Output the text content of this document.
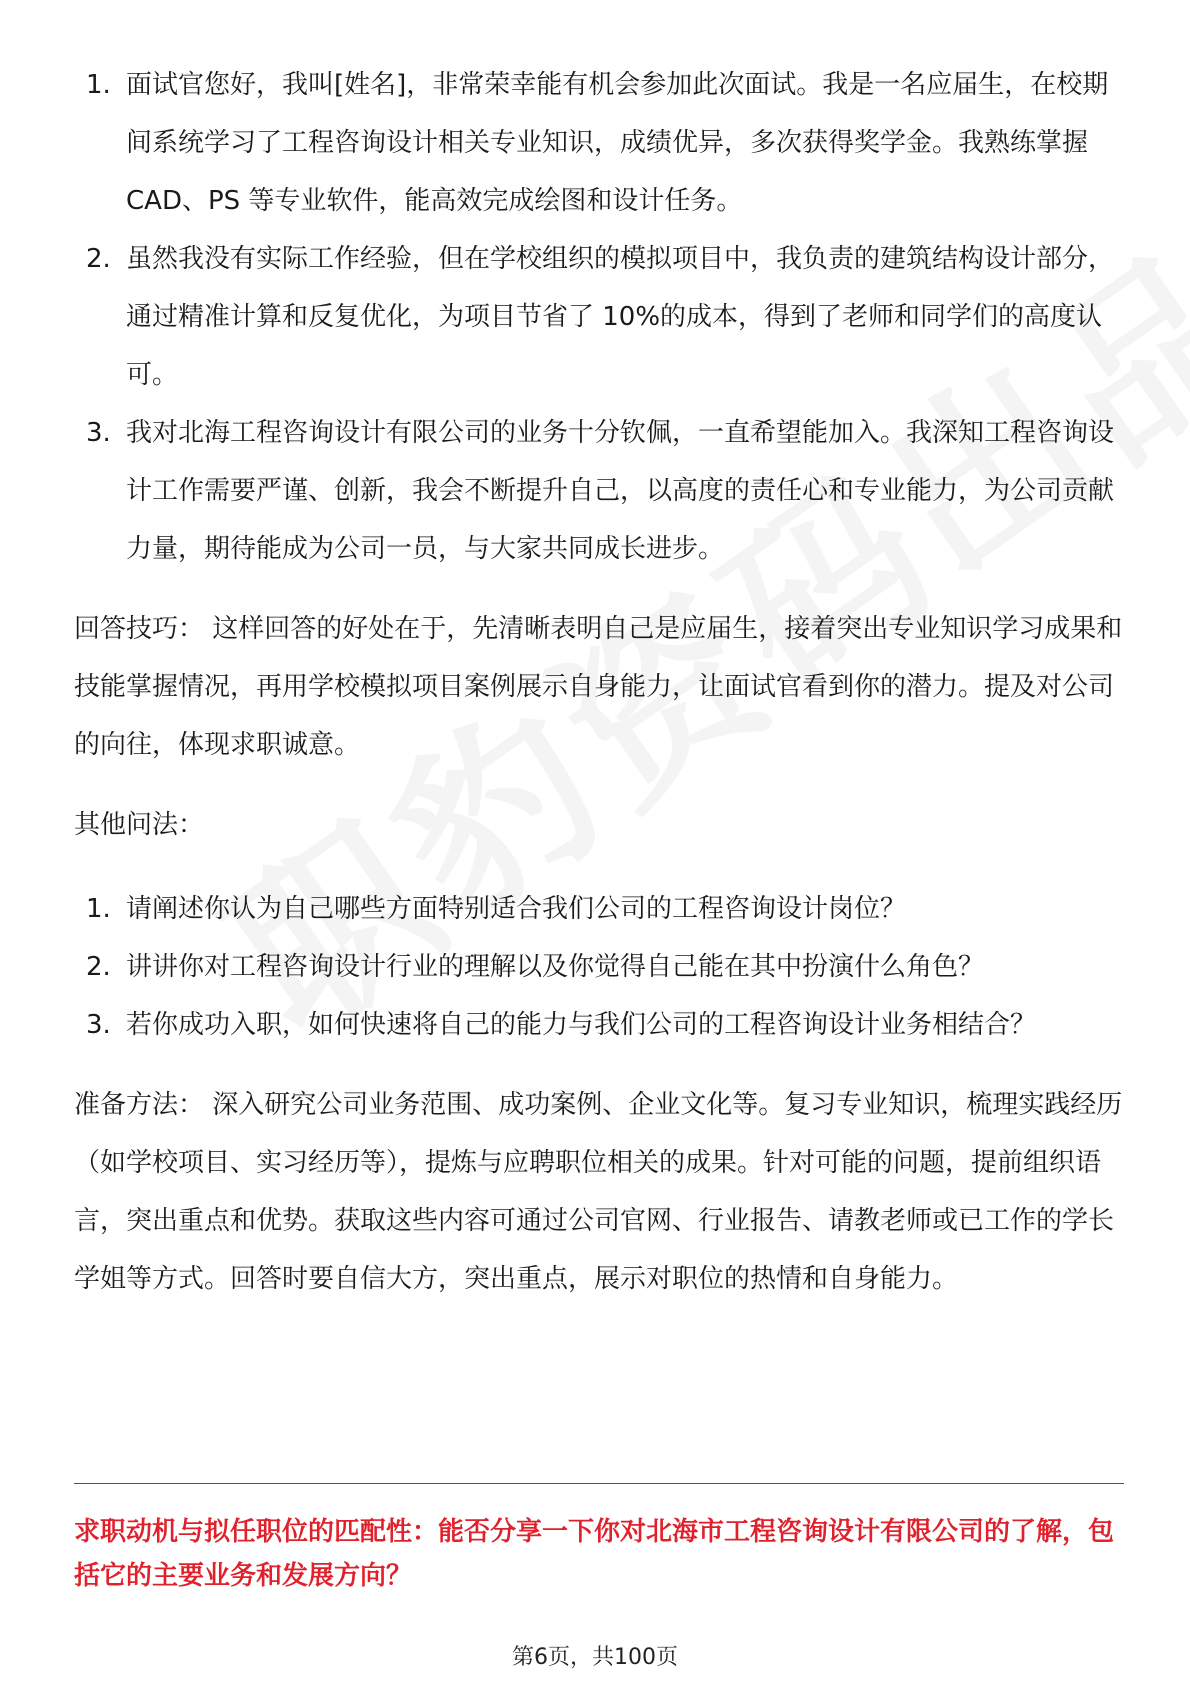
1. 面试官您好，我叫[姓名]，非常荣幸能有机会参加此次面试。我是一名应届生，在校期间系统学习了工程咨询设计相关专业知识，成绩优异，多次获得奖学金。我熟练掌握 CAD、PS 等专业软件，能高效完成绘图和设计任务。
2. 虽然我没有实际工作经验，但在学校组织的模拟项目中，我负责的建筑结构设计部分，通过精准计算和反复优化，为项目节省了 10%的成本，得到了老师和同学们的高度认可。
3. 我对北海工程咨询设计有限公司的业务十分钦佩，一直希望能加入。我深知工程咨询设计工作需要严谨、创新，我会不断提升自己，以高度的责任心和专业能力，为公司贡献力量，期待能成为公司一员，与大家共同成长进步。

回答技巧： 这样回答的好处在于，先清晰表明自己是应届生，接着突出专业知识学习成果和技能掌握情况，再用学校模拟项目案例展示自身能力，让面试官看到你的潜力。提及对公司的向往，体现求职诚意。

其他问法：

1. 请阐述你认为自己哪些方面特别适合我们公司的工程咨询设计岗位？
2. 讲讲你对工程咨询设计行业的理解以及你觉得自己能在其中扮演什么角色？
3. 若你成功入职，如何快速将自己的能力与我们公司的工程咨询设计业务相结合？

准备方法： 深入研究公司业务范围、成功案例、企业文化等。复习专业知识，梳理实践经历（如学校项目、实习经历等），提炼与应聘职位相关的成果。针对可能的问题，提前组织语言，突出重点和优势。获取这些内容可通过公司官网、行业报告、请教老师或已工作的学长学姐等方式。回答时要自信大方，突出重点，展示对职位的热情和自身能力。

求职动机与拟任职位的匹配性：能否分享一下你对北海市工程咨询设计有限公司的了解，包括它的主要业务和发展方向？
第6页，共100页
